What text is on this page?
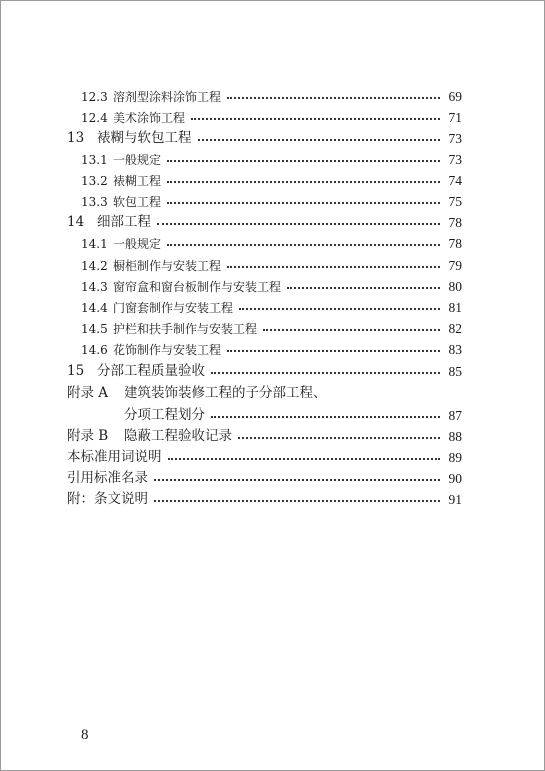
12.3 溶剂型涂料涂饰工程	69
12.4 美术涂饰工程	71
13 裱糊与软包工程	73
13.1 一般规定	73
13.2 裱糊工程	74
13.3 软包工程	75
14 细部工程	78
14.1 一般规定	78
14.2 橱柜制作与安装工程	79
14.3 窗帘盒和窗台板制作与安装工程	80
14.4 门窗套制作与安装工程	81
14.5 护栏和扶手制作与安装工程	82
14.6 花饰制作与安装工程	83
15 分部工程质量验收	85
附录 A	建筑装饰装修工程的子分部工程、
分项工程划分	87
附录 B	隐蔽工程验收记录	88
本标准用词说明	89
引用标准名录	90
附：条文说明	91
8
